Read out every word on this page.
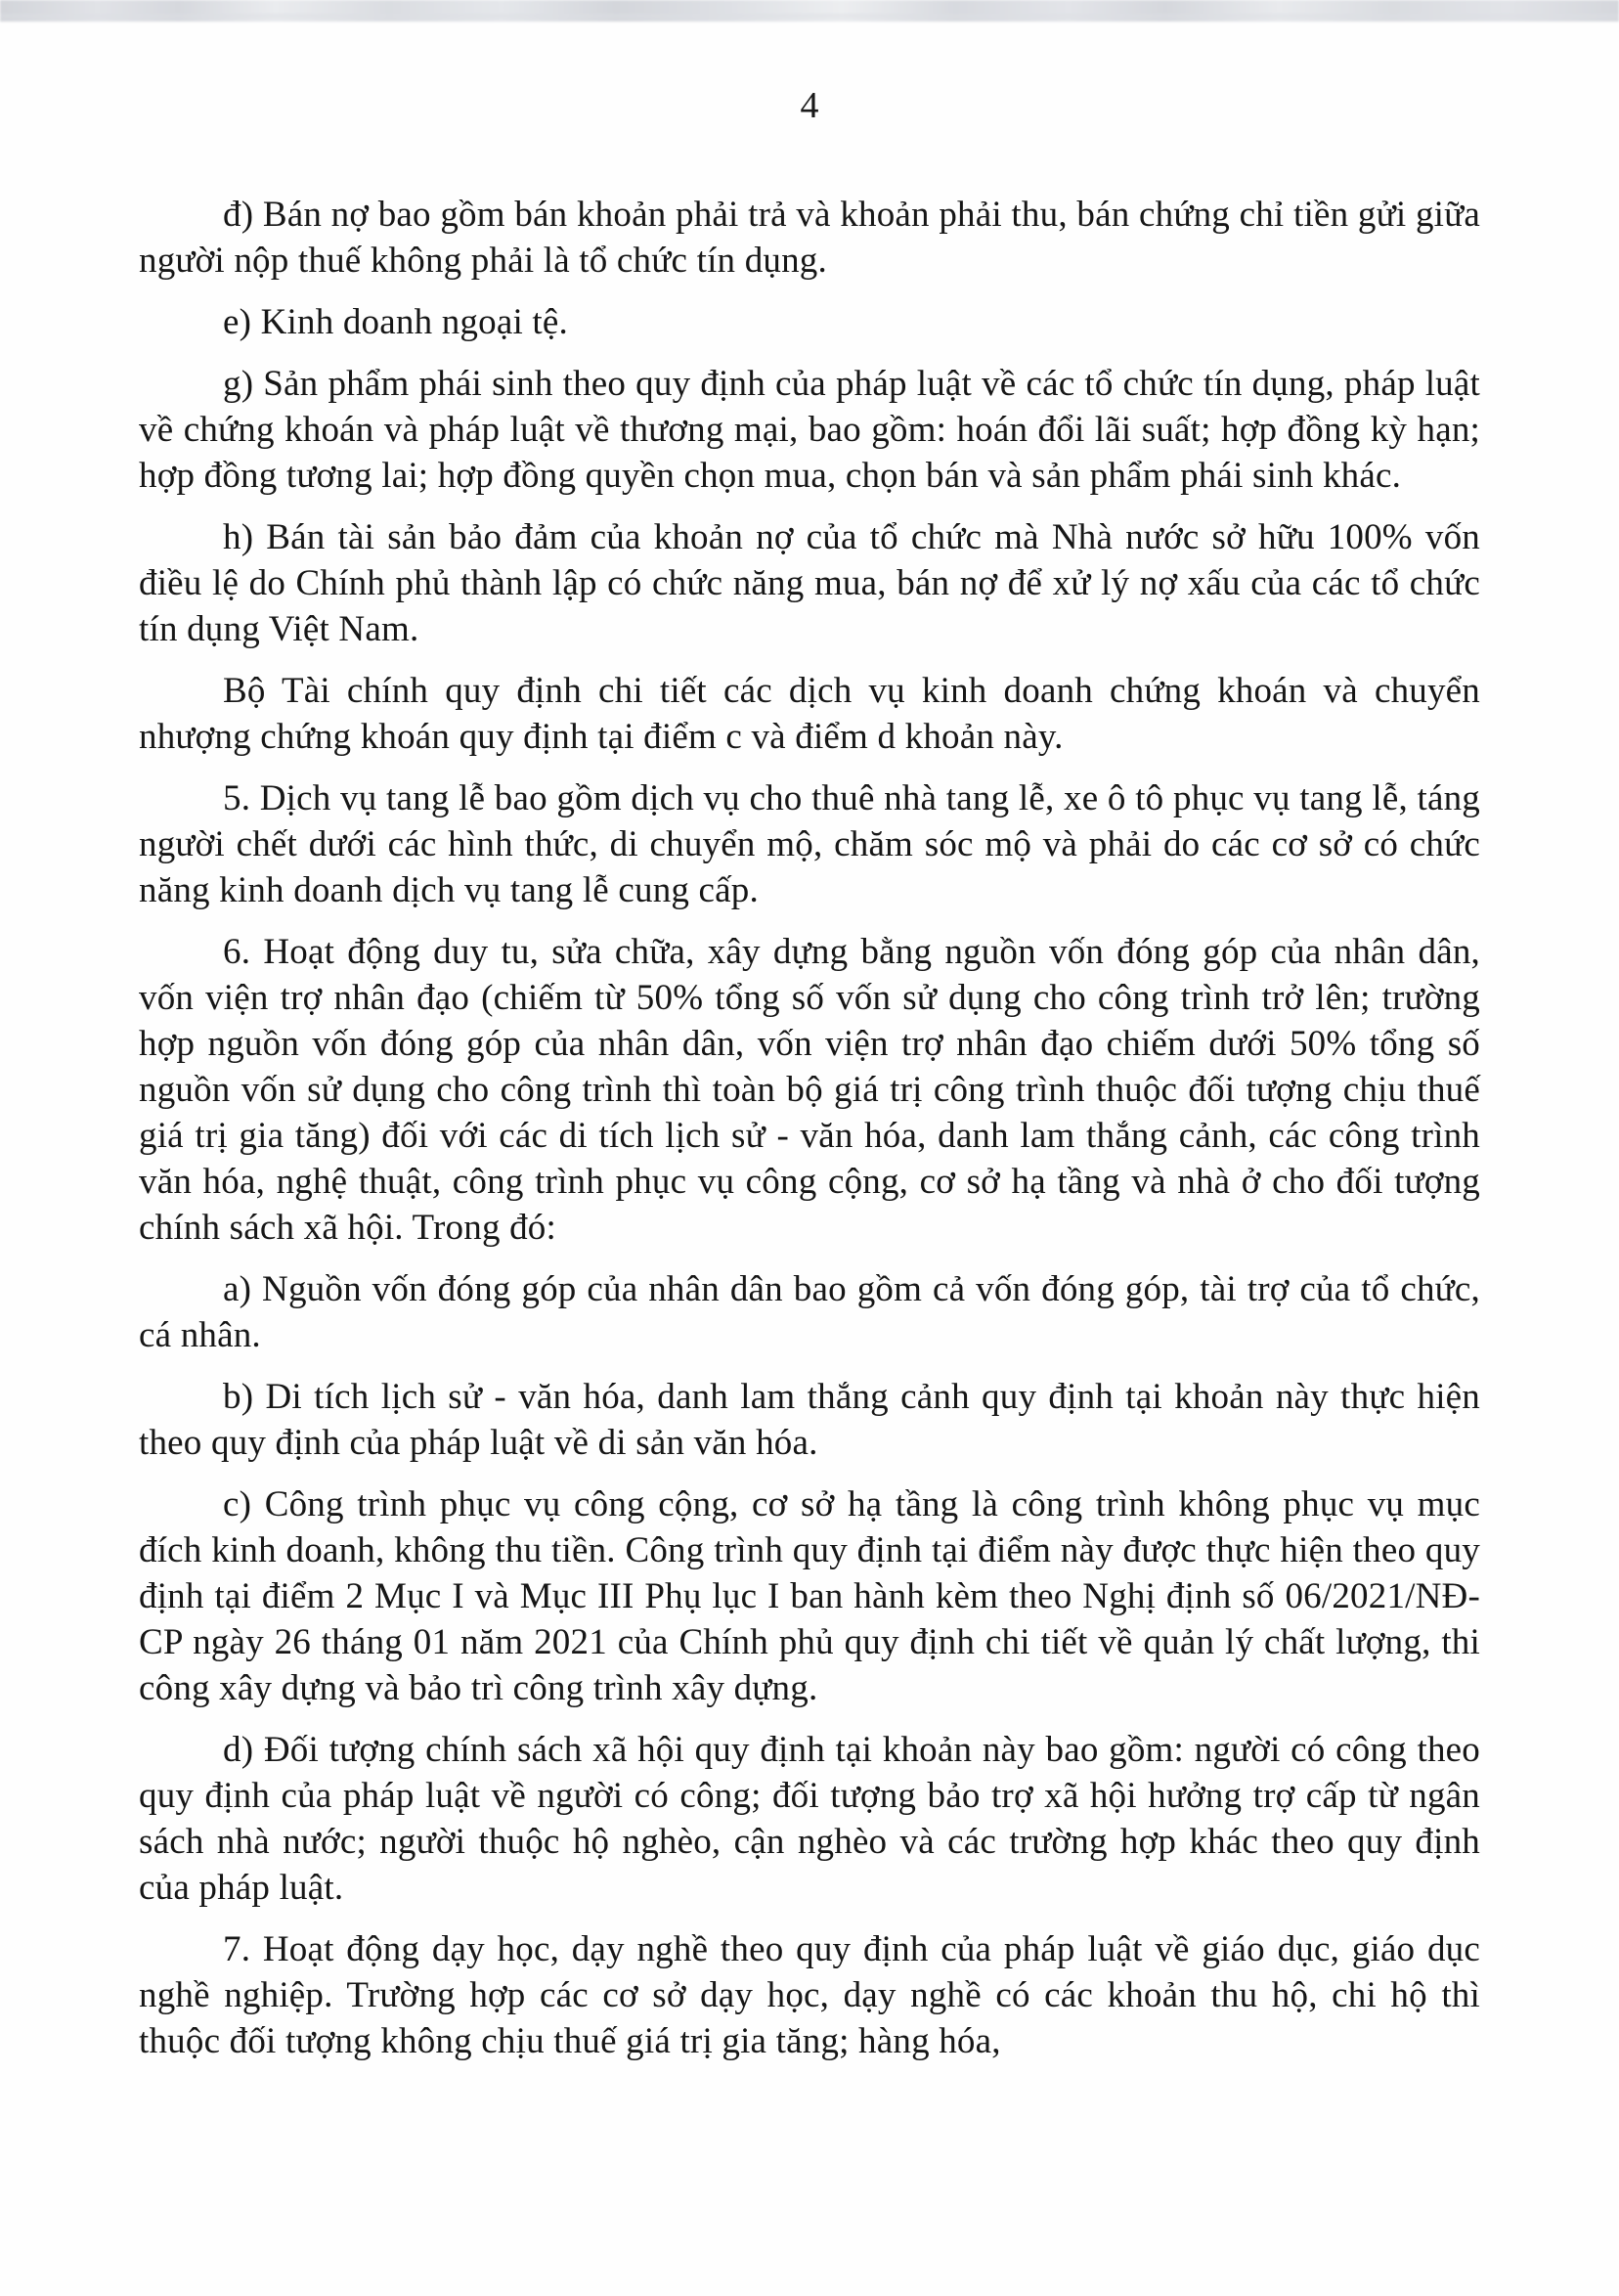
4

đ) Bán nợ bao gồm bán khoản phải trả và khoản phải thu, bán chứng chỉ tiền gửi giữa người nộp thuế không phải là tổ chức tín dụng.

e) Kinh doanh ngoại tệ.

g) Sản phẩm phái sinh theo quy định của pháp luật về các tổ chức tín dụng, pháp luật về chứng khoán và pháp luật về thương mại, bao gồm: hoán đổi lãi suất; hợp đồng kỳ hạn; hợp đồng tương lai; hợp đồng quyền chọn mua, chọn bán và sản phẩm phái sinh khác.

h) Bán tài sản bảo đảm của khoản nợ của tổ chức mà Nhà nước sở hữu 100% vốn điều lệ do Chính phủ thành lập có chức năng mua, bán nợ để xử lý nợ xấu của các tổ chức tín dụng Việt Nam.

Bộ Tài chính quy định chi tiết các dịch vụ kinh doanh chứng khoán và chuyển nhượng chứng khoán quy định tại điểm c và điểm d khoản này.

5. Dịch vụ tang lễ bao gồm dịch vụ cho thuê nhà tang lễ, xe ô tô phục vụ tang lễ, táng người chết dưới các hình thức, di chuyển mộ, chăm sóc mộ và phải do các cơ sở có chức năng kinh doanh dịch vụ tang lễ cung cấp.

6. Hoạt động duy tu, sửa chữa, xây dựng bằng nguồn vốn đóng góp của nhân dân, vốn viện trợ nhân đạo (chiếm từ 50% tổng số vốn sử dụng cho công trình trở lên; trường hợp nguồn vốn đóng góp của nhân dân, vốn viện trợ nhân đạo chiếm dưới 50% tổng số nguồn vốn sử dụng cho công trình thì toàn bộ giá trị công trình thuộc đối tượng chịu thuế giá trị gia tăng) đối với các di tích lịch sử - văn hóa, danh lam thắng cảnh, các công trình văn hóa, nghệ thuật, công trình phục vụ công cộng, cơ sở hạ tầng và nhà ở cho đối tượng chính sách xã hội. Trong đó:

a) Nguồn vốn đóng góp của nhân dân bao gồm cả vốn đóng góp, tài trợ của tổ chức, cá nhân.

b) Di tích lịch sử - văn hóa, danh lam thắng cảnh quy định tại khoản này thực hiện theo quy định của pháp luật về di sản văn hóa.

c) Công trình phục vụ công cộng, cơ sở hạ tầng là công trình không phục vụ mục đích kinh doanh, không thu tiền. Công trình quy định tại điểm này được thực hiện theo quy định tại điểm 2 Mục I và Mục III Phụ lục I ban hành kèm theo Nghị định số 06/2021/NĐ-CP ngày 26 tháng 01 năm 2021 của Chính phủ quy định chi tiết về quản lý chất lượng, thi công xây dựng và bảo trì công trình xây dựng.

d) Đối tượng chính sách xã hội quy định tại khoản này bao gồm: người có công theo quy định của pháp luật về người có công; đối tượng bảo trợ xã hội hưởng trợ cấp từ ngân sách nhà nước; người thuộc hộ nghèo, cận nghèo và các trường hợp khác theo quy định của pháp luật.

7. Hoạt động dạy học, dạy nghề theo quy định của pháp luật về giáo dục, giáo dục nghề nghiệp. Trường hợp các cơ sở dạy học, dạy nghề có các khoản thu hộ, chi hộ thì thuộc đối tượng không chịu thuế giá trị gia tăng; hàng hóa,
